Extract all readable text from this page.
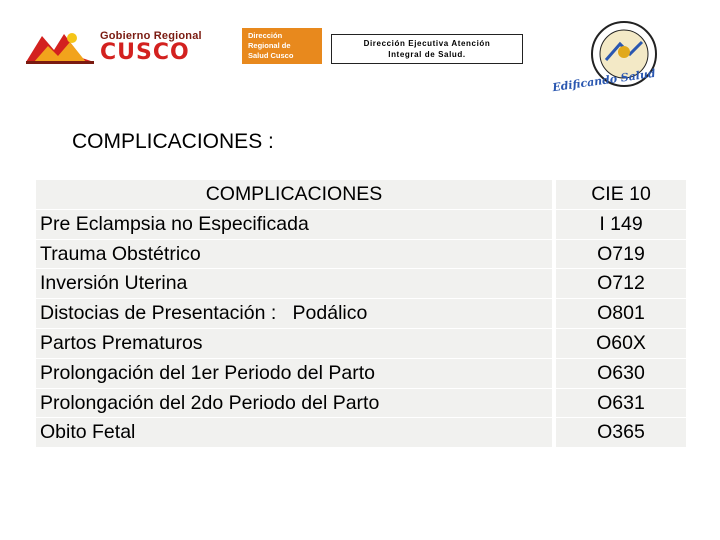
Gobierno Regional
CUSCO
Dirección
Regional de
Salud Cusco
Dirección Ejecutiva Atención
Integral de Salud.
Edificando Salud
COMPLICACIONES :
COMPLICACIONES	CIE 10
Pre Eclampsia no Especificada	I 149
Trauma Obstétrico	O719
Inversión Uterina	O712
Distocias de Presentación :   Podálico	O801
Partos Prematuros	O60X
Prolongación del 1er Periodo del Parto	O630
Prolongación del 2do Periodo del Parto	O631
Obito Fetal	O365
